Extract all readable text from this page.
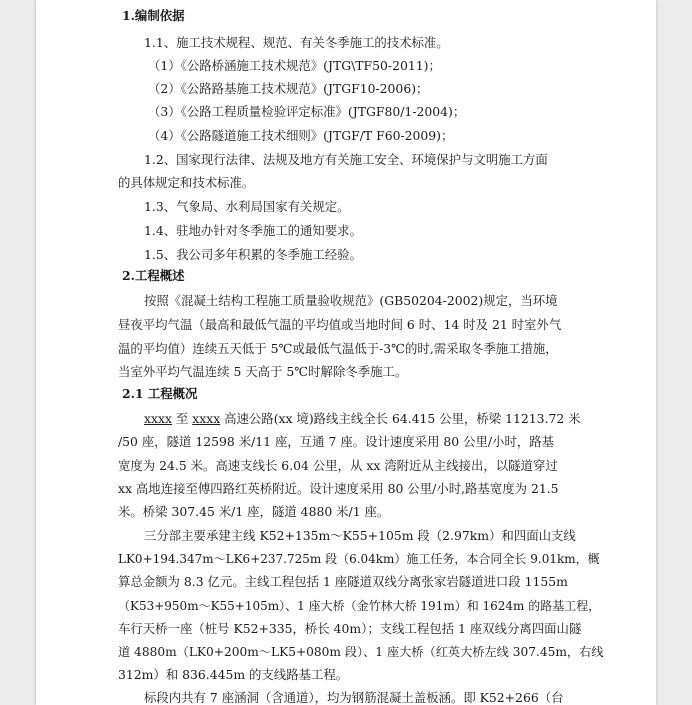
1.编制依据
1.1、施工技术规程、规范、有关冬季施工的技术标准。
（1）《公路桥涵施工技术规范》(JTG\TF50-2011)；
（2）《公路路基施工技术规范》(JTGF10-2006)；
（3）《公路工程质量检验评定标准》(JTGF80/1-2004)；
（4）《公路隧道施工技术细则》(JTGF/T F60-2009)；
1.2、国家现行法律、法规及地方有关施工安全、环境保护与文明施工方面
的具体规定和技术标准。
1.3、气象局、水利局国家有关规定。
1.4、驻地办针对冬季施工的通知要求。
1.5、我公司多年积累的冬季施工经验。
2.工程概述
按照《混凝土结构工程施工质量验收规范》(GB50204-2002)规定，当环境
昼夜平均气温（最高和最低气温的平均值或当地时间 6 时、14 时及 21 时室外气
温的平均值）连续五天低于 5℃或最低气温低于-3℃的时,需采取冬季施工措施，
当室外平均气温连续 5 天高于 5℃时解除冬季施工。
2.1 工程概况
xxxx 至 xxxx 高速公路(xx 境)路线主线全长 64.415 公里，桥梁 11213.72 米
/50 座，隧道 12598 米/11 座，互通 7 座。设计速度采用 80 公里/小时，路基
宽度为 24.5 米。高速支线长 6.04 公里，从 xx 湾附近从主线接出，以隧道穿过
xx 高地连接至傅四路红英桥附近。设计速度采用 80 公里/小时,路基宽度为 21.5
米。桥梁 307.45 米/1 座，隧道 4880 米/1 座。
三分部主要承建主线 K52+135m～K55+105m 段（2.97km）和四面山支线
LK0+194.347m～LK6+237.725m 段（6.04km）施工任务，本合同全长 9.01km，概
算总金额为 8.3 亿元。主线工程包括 1 座隧道双线分离张家岩隧道进口段 1155m
（K53+950m～K55+105m）、1 座大桥（金竹林大桥 191m）和 1624m 的路基工程，
车行天桥一座（桩号 K52+335，桥长 40m）；支线工程包括 1 座双线分离四面山隧
道 4880m（LK0+200m～LK5+080m 段）、1 座大桥（红英大桥左线 307.45m，右线
312m）和 836.445m 的支线路基工程。
标段内共有 7 座涵洞（含通道），均为钢筋混凝土盖板涵。即 K52+266（台
